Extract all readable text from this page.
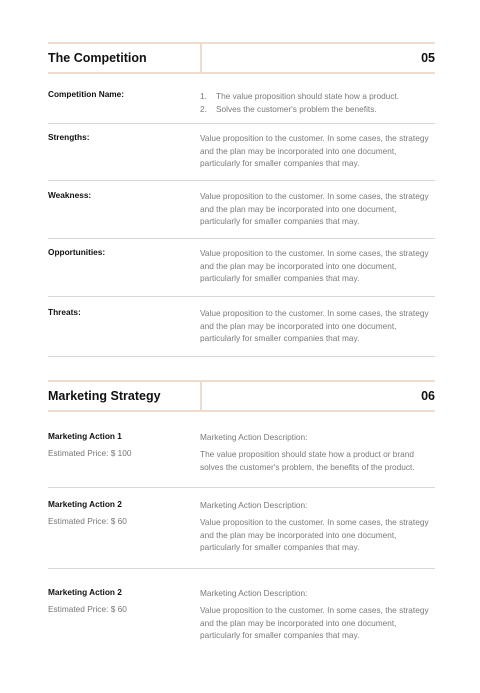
The Competition	05
Competition Name:	1. The value proposition should state how a product.
2. Solves the customer's problem the benefits.
Strengths:	Value proposition to the customer. In some cases, the strategy and the plan may be incorporated into one document, particularly for smaller companies that may.

Weakness:	Value proposition to the customer. In some cases, the strategy and the plan may be incorporated into one document, particularly for smaller companies that may.

Opportunities:	Value proposition to the customer. In some cases, the strategy and the plan may be incorporated into one document, particularly for smaller companies that may.

Threats:	Value proposition to the customer. In some cases, the strategy and the plan may be incorporated into one document, particularly for smaller companies that may.

Marketing Strategy	06
Marketing Action 1
Estimated Price: $ 100
Marketing Action Description:

The value proposition should state how a product or brand solves the customer's problem, the benefits of the product.

Marketing Action 2
Estimated Price: $ 60
Marketing Action Description:

Value proposition to the customer. In some cases, the strategy and the plan may be incorporated into one document, particularly for smaller companies that may.

Marketing Action 2
Estimated Price: $ 60
Marketing Action Description:

Value proposition to the customer. In some cases, the strategy and the plan may be incorporated into one document, particularly for smaller companies that may.
